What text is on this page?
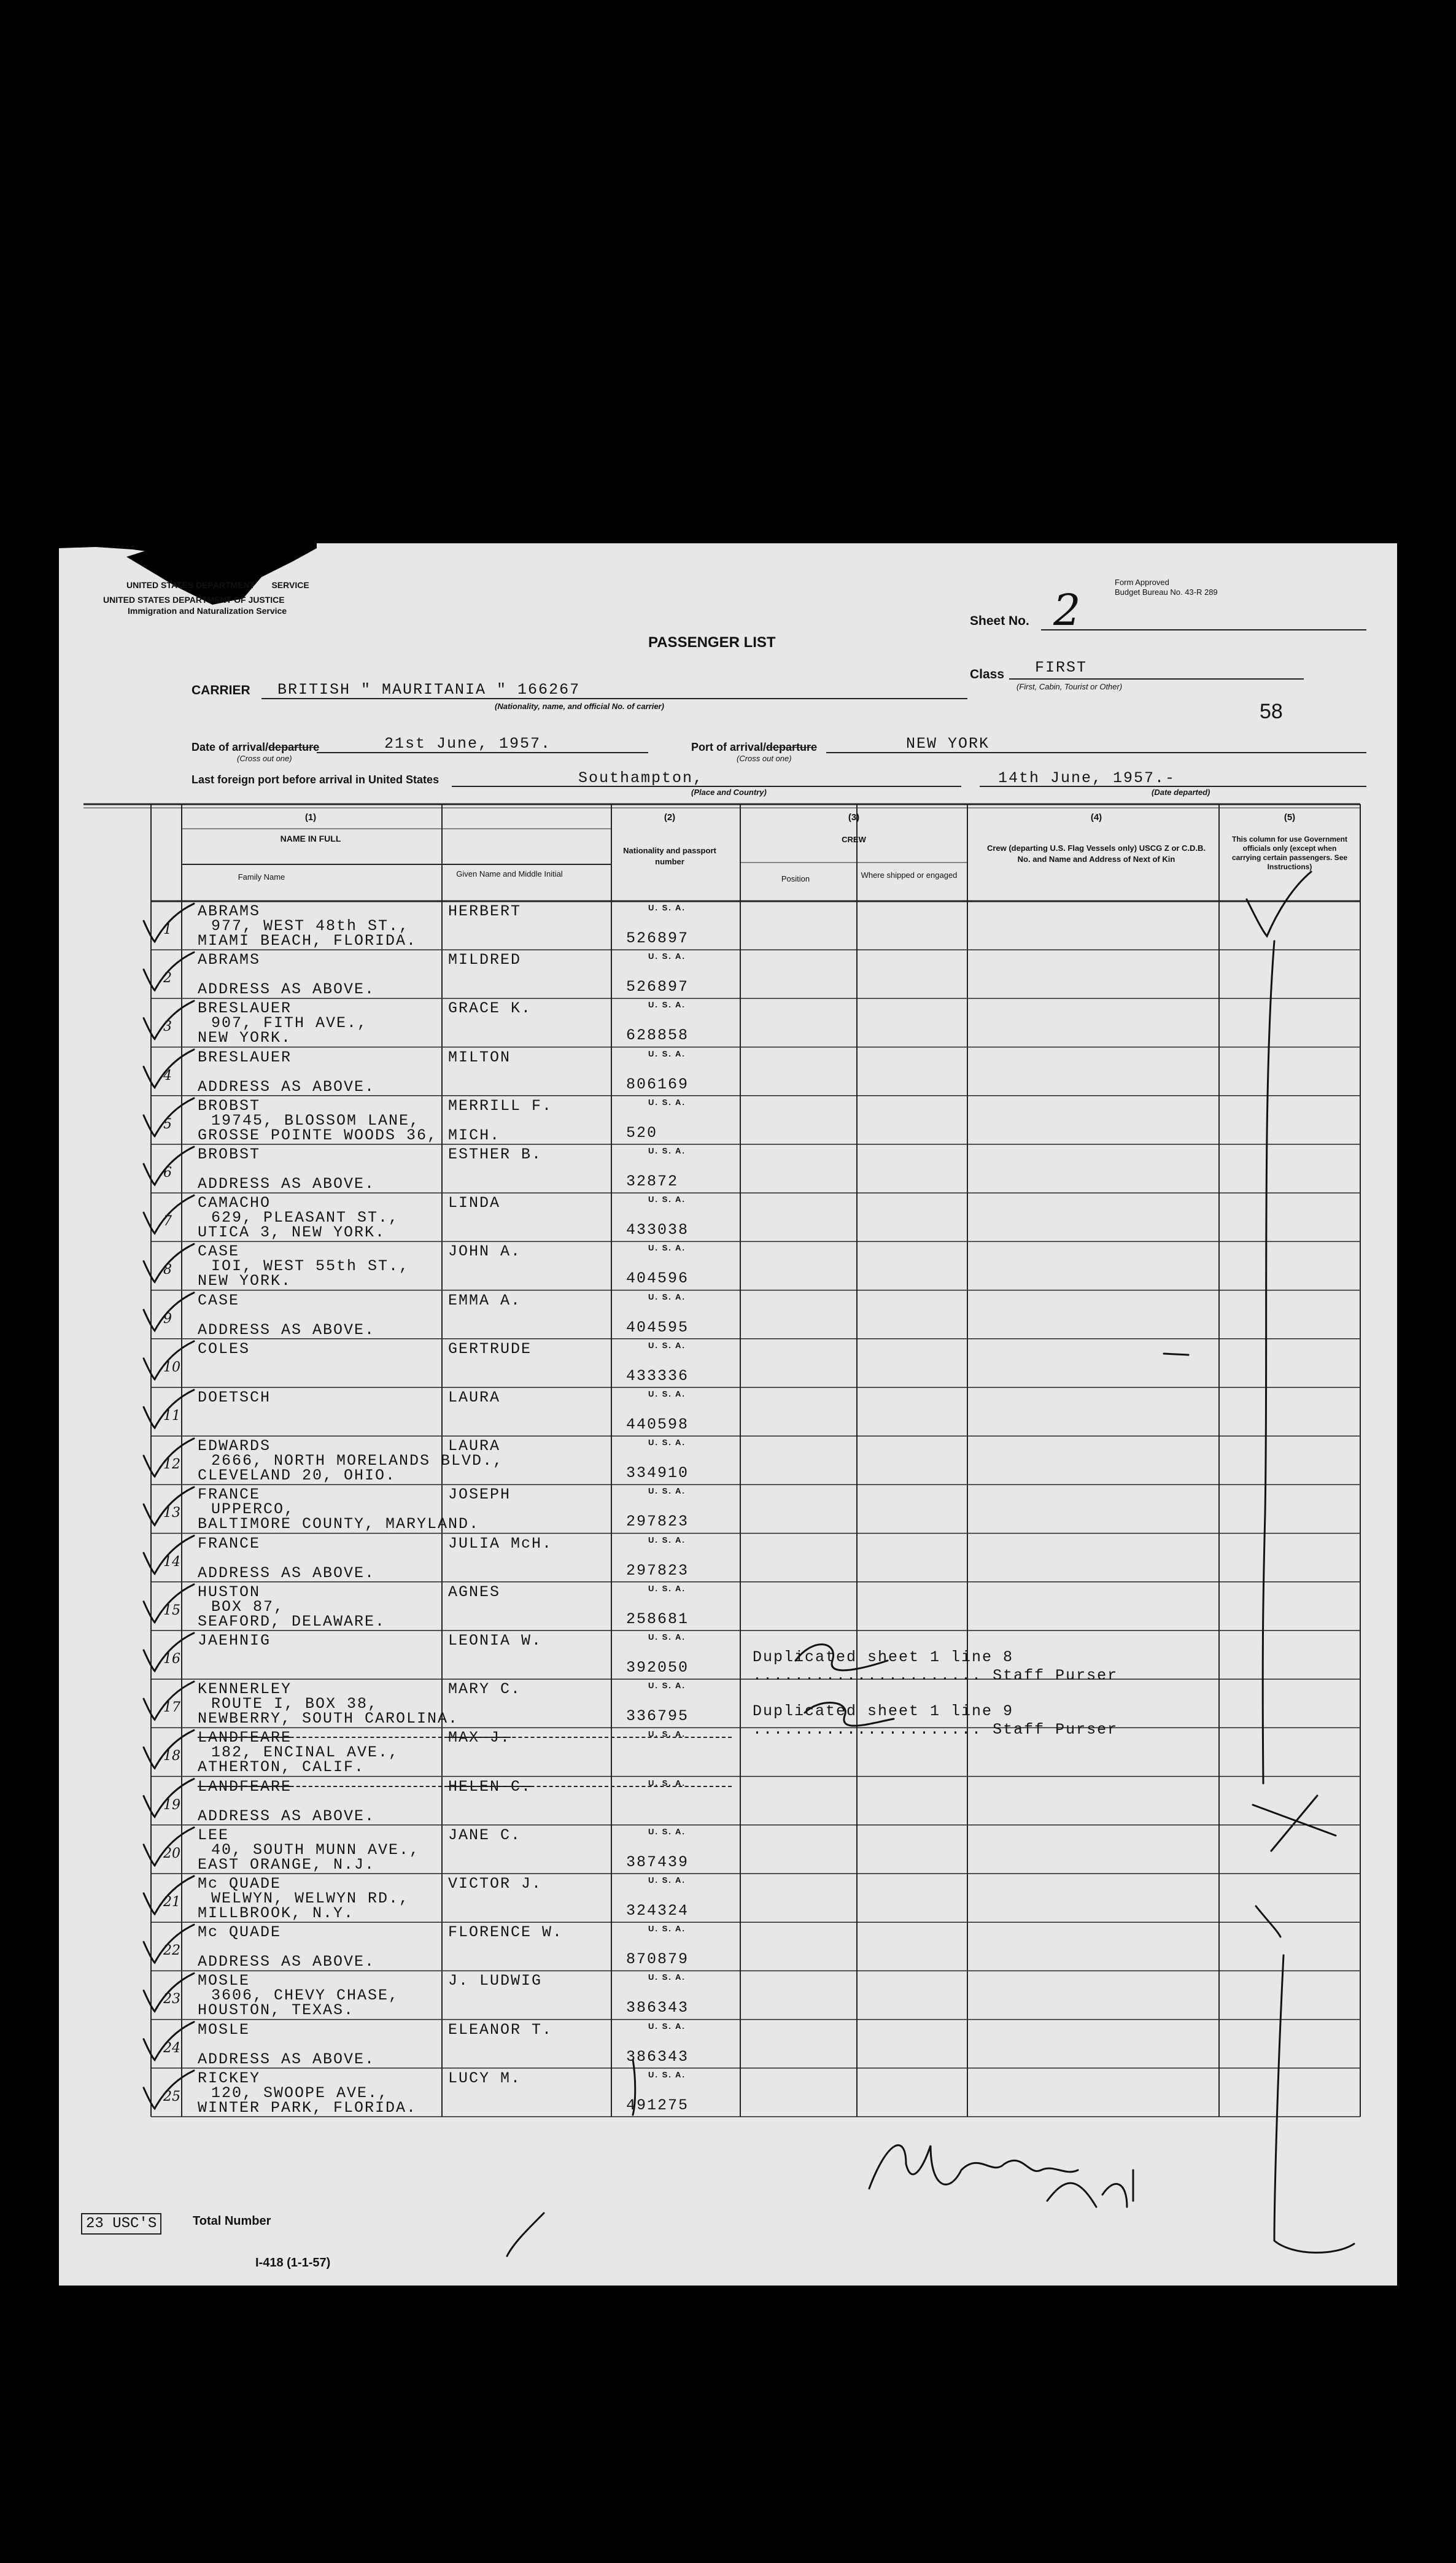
UNITED STATES DEPARTMENT SERVICE
UNITED STATES DEPARTMENT OF JUSTICE
Immigration and Naturalization Service
Form Approved
Budget Bureau No. 43-R 289
PASSENGER LIST
Sheet No. 2
Class FIRST
(First, Cabin, Tourist or Other)
58
CARRIER BRITISH " MAURITANIA " 166267
(Nationality, name, and official No. of carrier)
Date of arrival/departure
(Cross out one)
21st June, 1957.	Port of arrival/departure
(Cross out one)
NEW YORK
Last foreign port before arrival in United States	Southampton,
(Place and Country)
14th June, 1957.-
(Date departed)
(1)
NAME IN FULL
Family Name	Given Name and Middle Initial
(2)
Nationality and passport number
(3)
CREW
Position	Where shipped or engaged
(4)
Crew (departing U.S. Flag Vessels only) USCG Z or C.D.B. No. and Name and Address of Next of Kin
(5)
This column for use Government officials only (except when carrying certain passengers. See Instructions)
1
ABRAMS
977, WEST 48th ST.,
MIAMI BEACH, FLORIDA.
HERBERT	U. S. A.
526897
2
ABRAMS
ADDRESS AS ABOVE.
MILDRED	U. S. A.
526897
3
BRESLAUER
907, FITH AVE.,
NEW YORK.
GRACE K.	U. S. A.
628858
4
BRESLAUER
ADDRESS AS ABOVE.
MILTON	U. S. A.
806169
5
BROBST
19745, BLOSSOM LANE,
GROSSE POINTE WOODS 36, MICH.
MERRILL F.	U. S. A.
520
6
BROBST
ADDRESS AS ABOVE.
ESTHER B.	U. S. A.
32872
7
CAMACHO
629, PLEASANT ST.,
UTICA 3, NEW YORK.
LINDA	U. S. A.
433038
8
CASE
IOI, WEST 55th ST.,
NEW YORK.
JOHN A.	U. S. A.
404596
9
CASE
ADDRESS AS ABOVE.
EMMA A.	U. S. A.
404595
10
COLES	GERTRUDE	U. S. A.
433336
11
DOETSCH	LAURA	U. S. A.
440598
12
EDWARDS
2666, NORTH MORELANDS BLVD.,
CLEVELAND 20, OHIO.
LAURA	U. S. A.
334910
13
FRANCE
UPPERCO,
BALTIMORE COUNTY, MARYLAND.
JOSEPH	U. S. A.
297823
14
FRANCE
ADDRESS AS ABOVE.
JULIA McH.	U. S. A.
297823
15
HUSTON
BOX 87,
SEAFORD, DELAWARE.
AGNES	U. S. A.
258681
16
JAEHNIG	LEONIA W.	U. S. A.
392050
17
KENNERLEY
ROUTE I, BOX 38,
NEWBERRY, SOUTH CAROLINA.
MARY C.	U. S. A.
336795
18
LANDFEARE
182, ENCINAL AVE.,
ATHERTON, CALIF.
MAX J.	U. S. A.
19
LANDFEARE
ADDRESS AS ABOVE.
HELEN C.	U. S. A.
20
LEE
40, SOUTH MUNN AVE.,
EAST ORANGE, N.J.
JANE C.	U. S. A.
387439
21
Mc QUADE
WELWYN, WELWYN RD.,
MILLBROOK, N.Y.
VICTOR J.	U. S. A.
324324
22
Mc QUADE
ADDRESS AS ABOVE.
FLORENCE W.	U. S. A.
870879
23
MOSLE
3606, CHEVY CHASE,
HOUSTON, TEXAS.
J. LUDWIG	U. S. A.
386343
24
MOSLE
ADDRESS AS ABOVE.
ELEANOR T.	U. S. A.
386343
25
RICKEY
120, SWOOPE AVE.,
WINTER PARK, FLORIDA.
LUCY M.	U. S. A.
491275
Duplicated sheet 1 line 8
...................... Staff Purser
Duplicated sheet 1 line 9
...................... Staff Purser
23 USC'S	Total Number
I-418 (1-1-57)
